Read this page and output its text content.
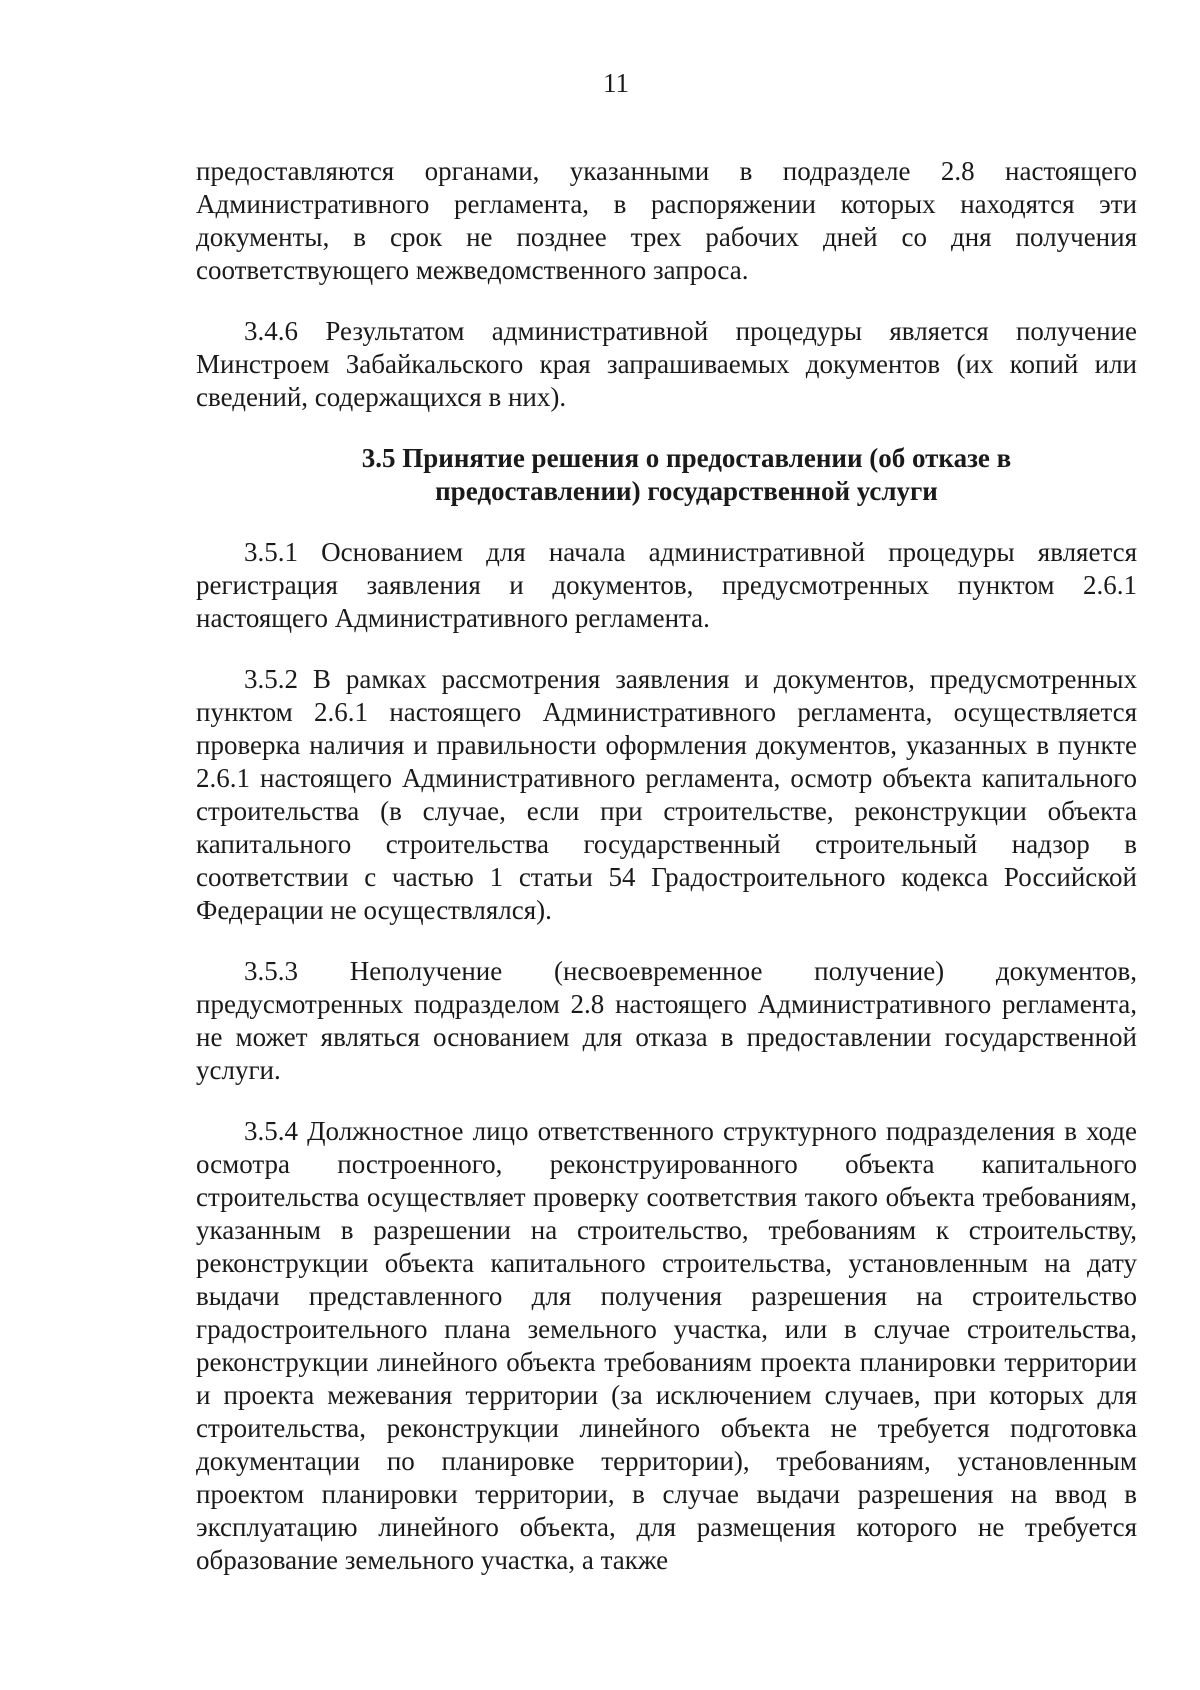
11

предоставляются органами, указанными в подразделе 2.8 настоящего Административного регламента, в распоряжении которых находятся эти документы, в срок не позднее трех рабочих дней со дня получения соответствующего межведомственного запроса.

3.4.6 Результатом административной процедуры является получение Минстроем Забайкальского края запрашиваемых документов (их копий или сведений, содержащихся в них).

3.5 Принятие решения о предоставлении (об отказе в

предоставлении) государственной услуги

3.5.1 Основанием для начала административной процедуры является регистрация заявления и документов, предусмотренных пунктом 2.6.1 настоящего Административного регламента.

3.5.2 В рамках рассмотрения заявления и документов, предусмотренных пунктом 2.6.1 настоящего Административного регламента, осуществляется проверка наличия и правильности оформления документов, указанных в пункте 2.6.1 настоящего Административного регламента, осмотр объекта капитального строительства (в случае, если при строительстве, реконструкции объекта капитального строительства государственный строительный надзор в соответствии с частью 1 статьи 54 Градостроительного кодекса Российской Федерации не осуществлялся).

3.5.3 Неполучение (несвоевременное получение) документов, предусмотренных подразделом 2.8 настоящего Административного регламента, не может являться основанием для отказа в предоставлении государственной услуги.

3.5.4 Должностное лицо ответственного структурного подразделения в ходе осмотра построенного, реконструированного объекта капитального строительства осуществляет проверку соответствия такого объекта требованиям, указанным в разрешении на строительство, требованиям к строительству, реконструкции объекта капитального строительства, установленным на дату выдачи представленного для получения разрешения на строительство градостроительного плана земельного участка, или в случае строительства, реконструкции линейного объекта требованиям проекта планировки территории и проекта межевания территории (за исключением случаев, при которых для строительства, реконструкции линейного объекта не требуется подготовка документации по планировке территории), требованиям, установленным проектом планировки территории, в случае выдачи разрешения на ввод в эксплуатацию линейного объекта, для размещения которого не требуется образование земельного участка, а также
